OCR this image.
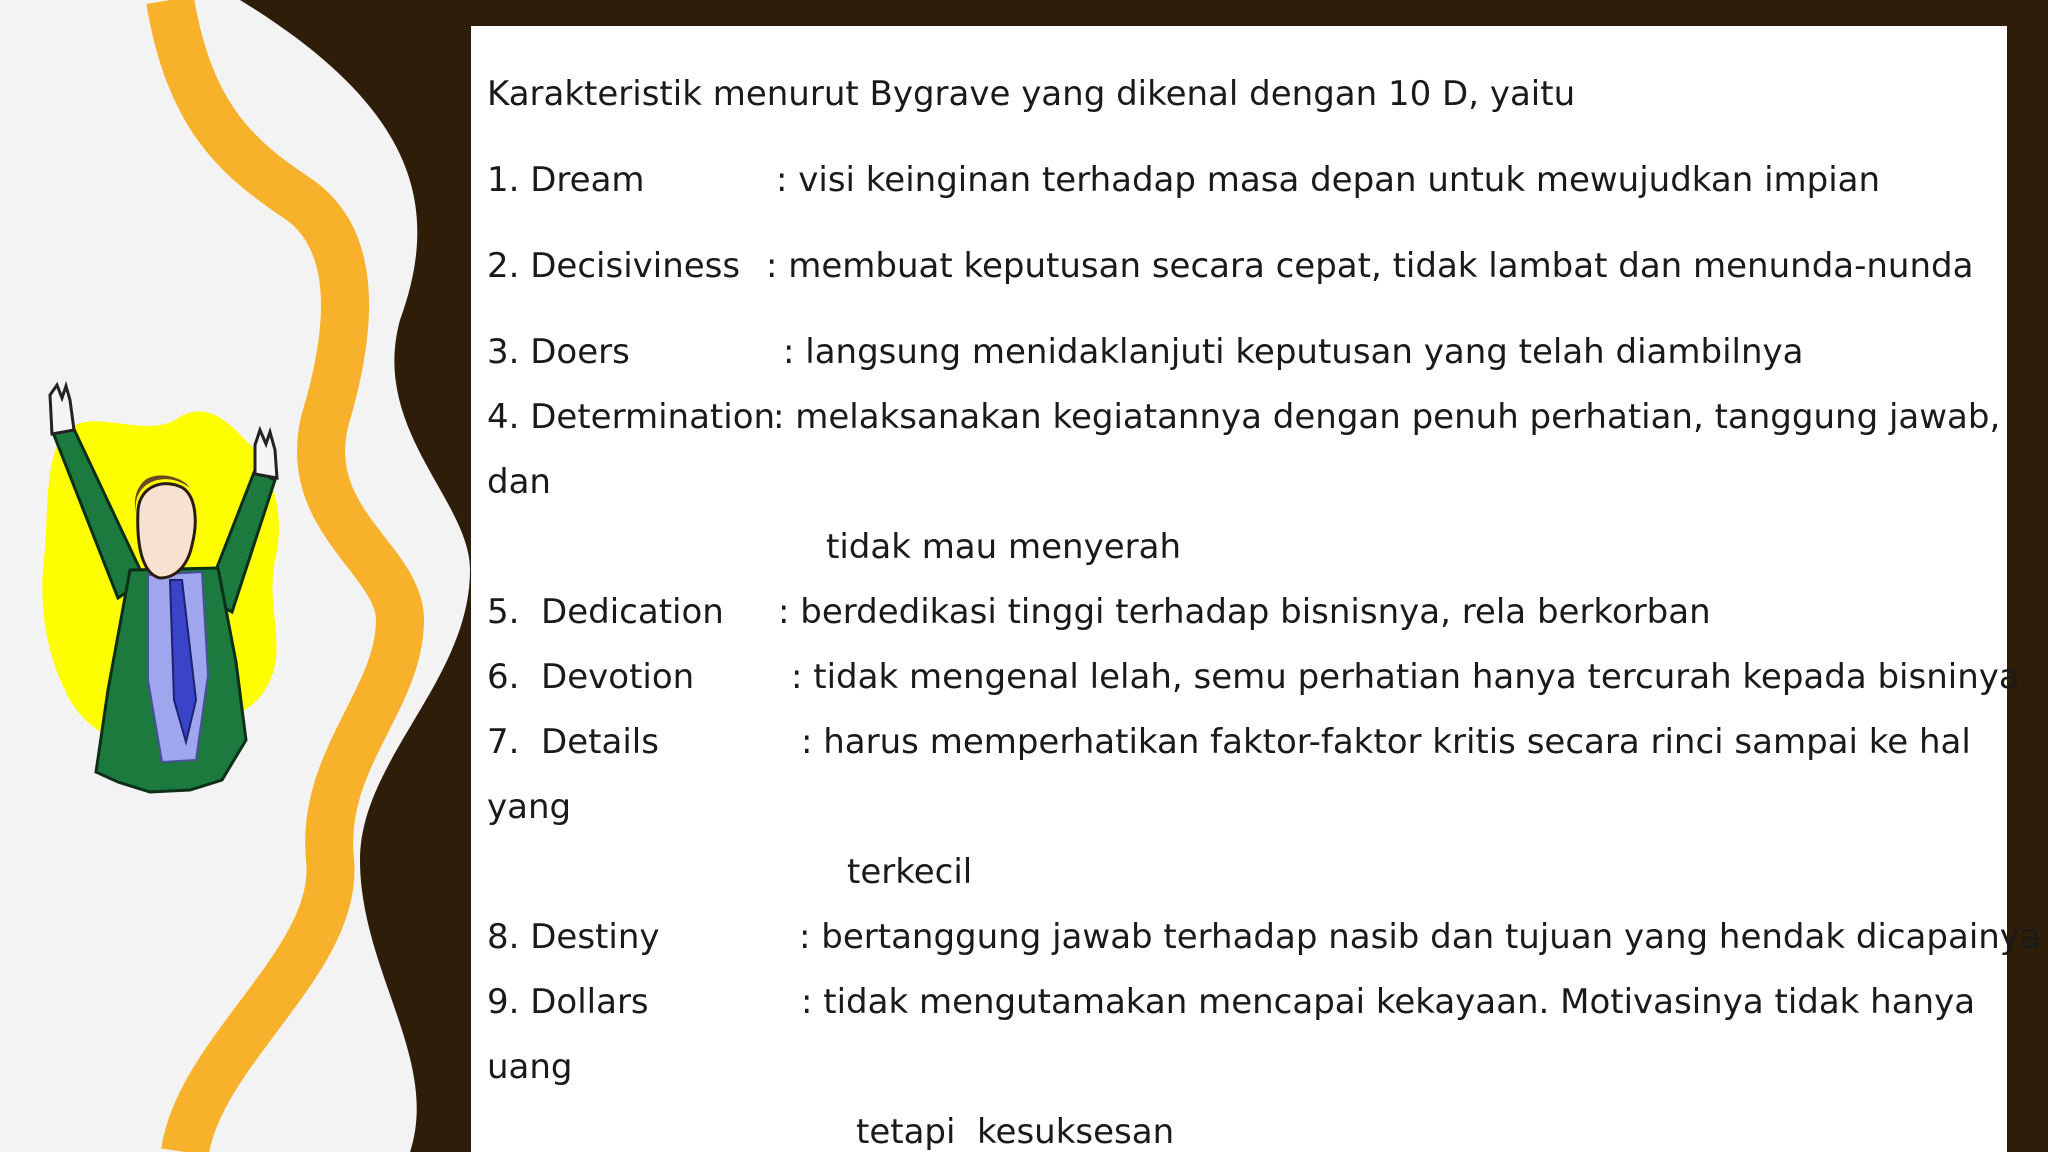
Karakteristik menurut Bygrave yang dikenal dengan 10 D, yaitu
1. Dream	: visi keinginan terhadap masa depan untuk mewujudkan impian
2. Decisiviness : membuat keputusan secara cepat, tidak lambat dan menunda-nunda
3. Doers	: langsung menidaklanjuti keputusan yang telah diambilnya
4. Determination
: melaksanakan kegiatannya dengan penuh perhatian, tanggung jawab,
dan
tidak mau menyerah
5.  Dedication : berdedikasi tinggi terhadap bisnisnya, rela berkorban
6.  Devotion	: tidak mengenal lelah, semu perhatian hanya tercurah kepada bisninya
7.  Details	: harus memperhatikan faktor-faktor kritis secara rinci sampai ke hal
yang
terkecil
8. Destiny	: bertanggung jawab terhadap nasib dan tujuan yang hendak dicapainya
9. Dollars	: tidak mengutamakan mencapai kekayaan. Motivasinya tidak hanya
uang
tetapi  kesuksesan
